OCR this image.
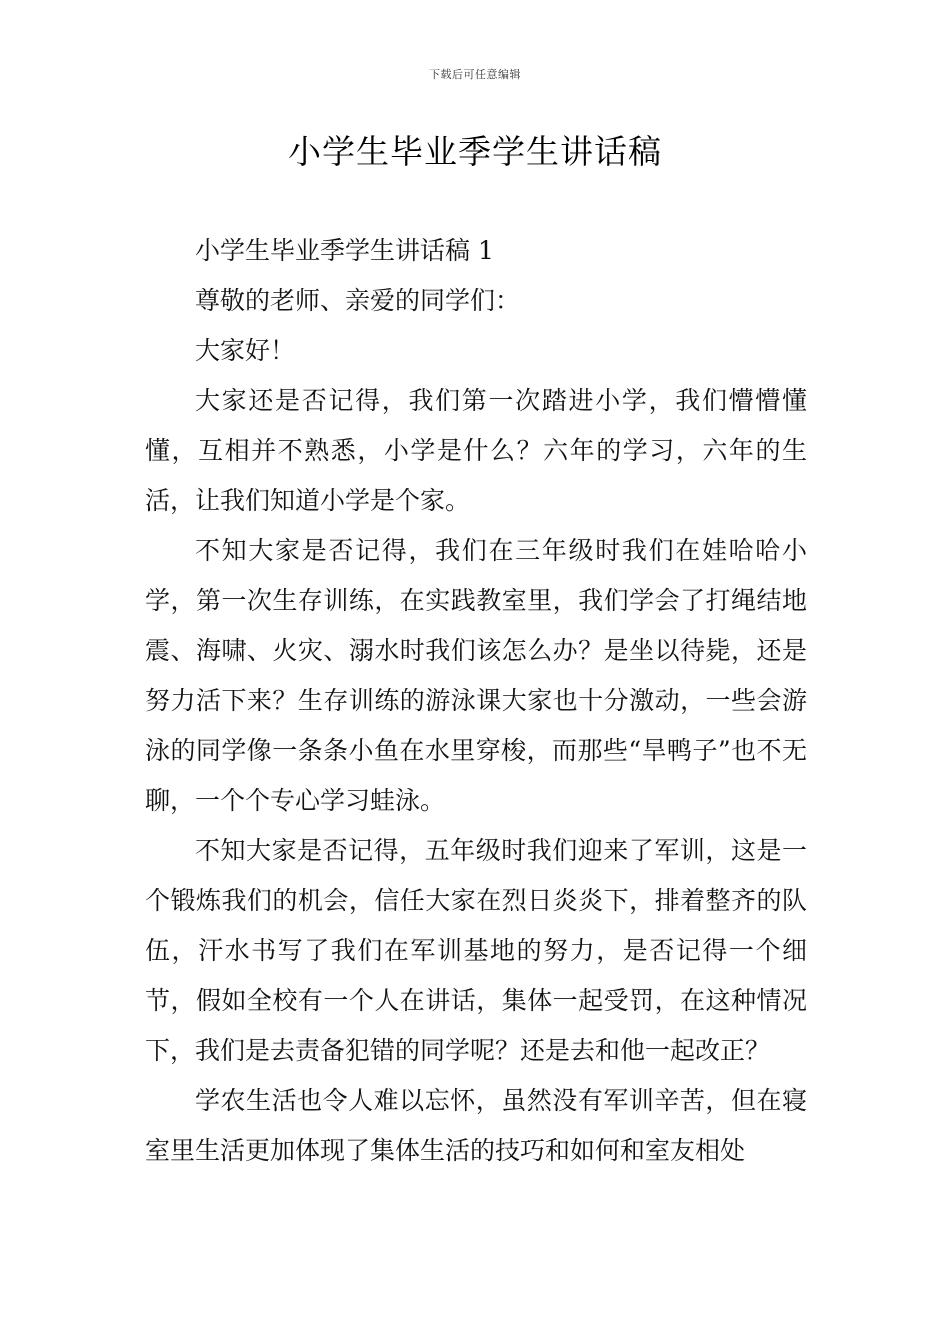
下载后可任意编辑
小学生毕业季学生讲话稿

小学生毕业季学生讲话稿 1

尊敬的老师、亲爱的同学们：

大家好！

大家还是否记得，我们第一次踏进小学，我们懵懵懂懂，互相并不熟悉，小学是什么？六年的学习，六年的生活，让我们知道小学是个家。

不知大家是否记得，我们在三年级时我们在娃哈哈小学，第一次生存训练，在实践教室里，我们学会了打绳结地震、海啸、火灾、溺水时我们该怎么办？是坐以待毙，还是努力活下来？生存训练的游泳课大家也十分激动，一些会游泳的同学像一条条小鱼在水里穿梭，而那些“旱鸭子”也不无聊，一个个专心学习蛙泳。

不知大家是否记得，五年级时我们迎来了军训，这是一个锻炼我们的机会，信任大家在烈日炎炎下，排着整齐的队伍，汗水书写了我们在军训基地的努力，是否记得一个细节，假如全校有一个人在讲话，集体一起受罚，在这种情况下，我们是去责备犯错的同学呢？还是去和他一起改正？

学农生活也令人难以忘怀，虽然没有军训辛苦，但在寝室里生活更加体现了集体生活的技巧和如何和室友相处
